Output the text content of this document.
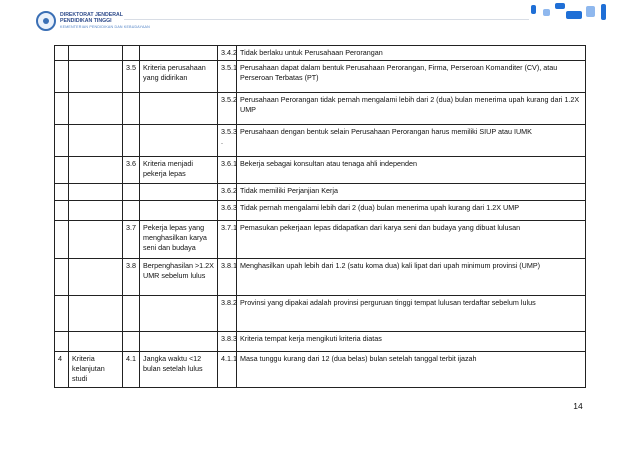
DIREKTORAT JENDERAL
PENDIDIKAN TINGGI
KEMENTERIAN PENDIDIKAN DAN KEBUDAYAAN
				3.4.2	Tidak berlaku untuk Perusahaan Perorangan
		3.5	Kriteria perusahaan yang didirikan	3.5.1	Perusahaan dapat dalam bentuk Perusahaan Perorangan, Firma, Perseroan Komanditer (CV), atau Perseroan Terbatas (PT)
				3.5.2	Perusahaan Perorangan tidak pernah mengalami lebih dari 2 (dua) bulan menerima upah kurang dari 1.2X UMP
				3.5.3 .	Perusahaan dengan bentuk selain Perusahaan Perorangan harus memiliki SIUP atau IUMK
		3.6	Kriteria menjadi pekerja lepas	3.6.1	Bekerja sebagai konsultan atau tenaga ahli independen
				3.6.2	Tidak memiliki Perjanjian Kerja
				3.6.3	Tidak pernah mengalami lebih dari 2 (dua) bulan menerima upah kurang dari 1.2X UMP
		3.7	Pekerja lepas yang menghasilkan karya seni dan budaya	3.7.1	Pemasukan pekerjaan lepas didapatkan dari karya seni dan budaya yang dibuat lulusan
		3.8	Berpenghasilan >1.2X UMR sebelum lulus	3.8.1	Menghasilkan upah lebih dari 1.2 (satu koma dua) kali lipat dari upah minimum provinsi (UMP)
				3.8.2	Provinsi yang dipakai adalah provinsi perguruan tinggi tempat lulusan terdaftar sebelum lulus
				3.8.3	Kriteria tempat kerja mengikuti kriteria diatas
4	Kriteria kelanjutan studi	4.1	Jangka waktu <12 bulan setelah lulus	4.1.1	Masa tunggu kurang dari 12 (dua belas) bulan setelah tanggal terbit ijazah
14
